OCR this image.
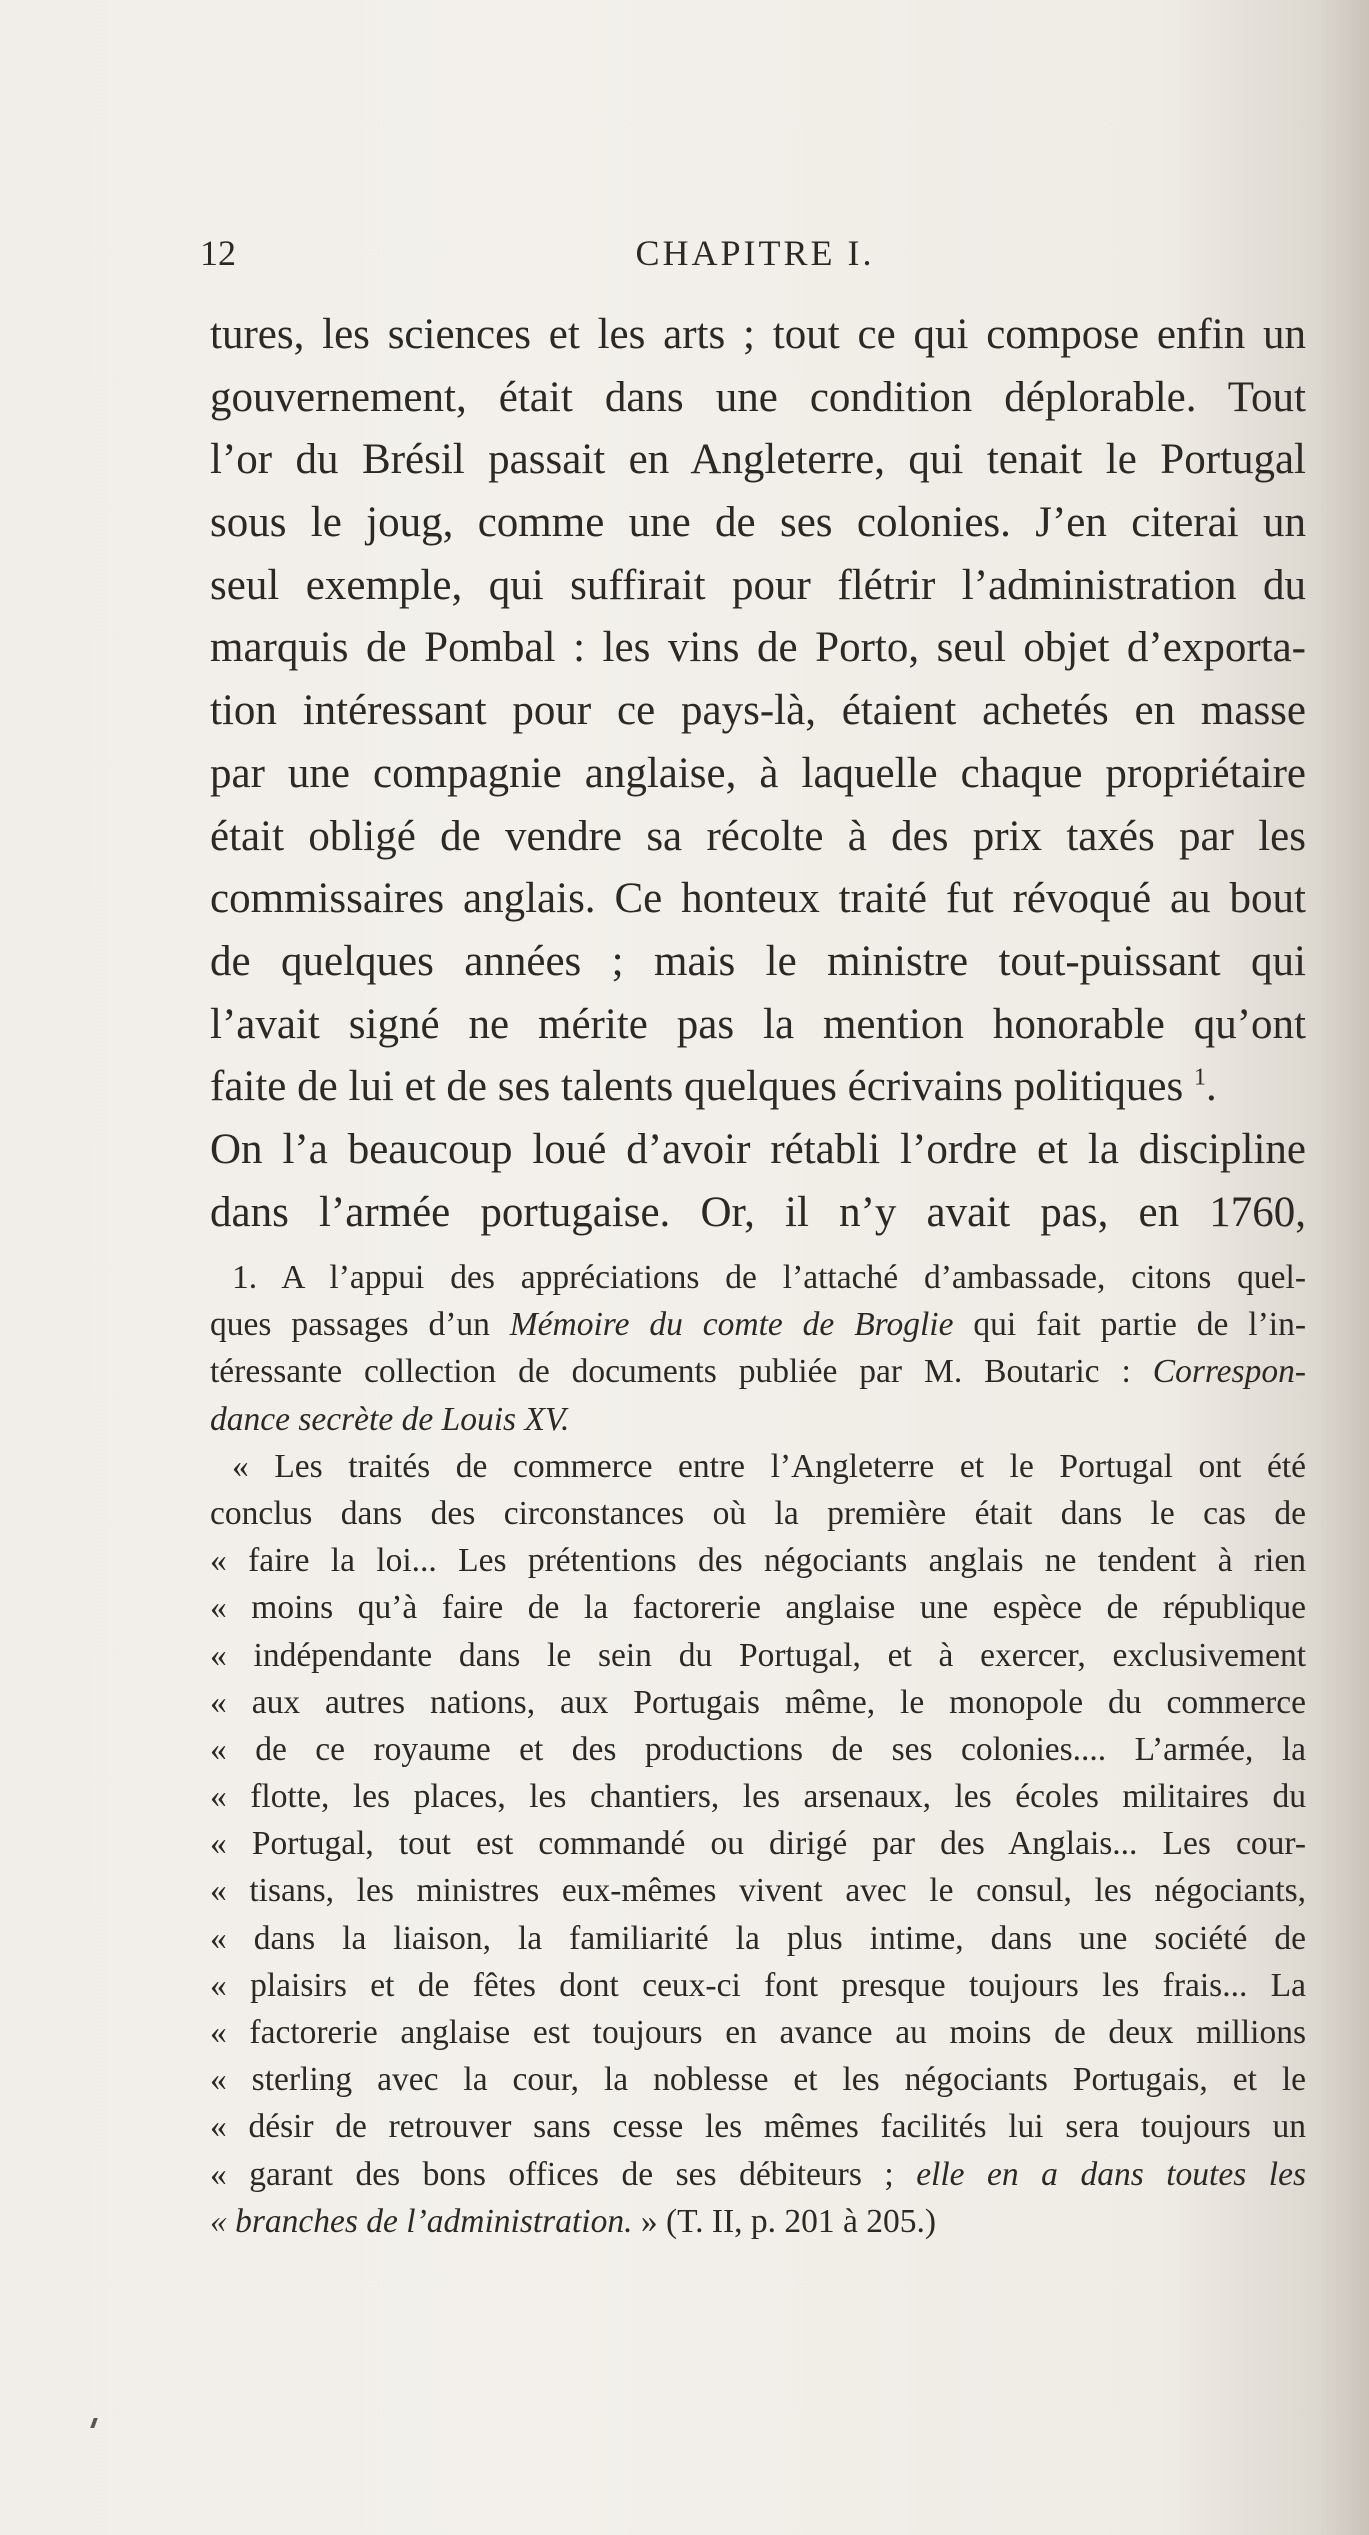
12	CHAPITRE I.
tures, les sciences et les arts ; tout ce qui compose enfin un
gouvernement, était dans une condition déplorable. Tout
l’or du Brésil passait en Angleterre, qui tenait le Portugal
sous le joug, comme une de ses colonies. J’en citerai un
seul exemple, qui suffirait pour flétrir l’administration du
marquis de Pombal : les vins de Porto, seul objet d’exporta-
tion intéressant pour ce pays-là, étaient achetés en masse
par une compagnie anglaise, à laquelle chaque propriétaire
était obligé de vendre sa récolte à des prix taxés par les
commissaires anglais. Ce honteux traité fut révoqué au bout
de quelques années ; mais le ministre tout-puissant qui
l’avait signé ne mérite pas la mention honorable qu’ont
faite de lui et de ses talents quelques écrivains politiques $^1$.
On l’a beaucoup loué d’avoir rétabli l’ordre et la discipline
dans l’armée portugaise. Or, il n’y avait pas, en 1760,
1. A l’appui des appréciations de l’attaché d’ambassade, citons quel-
ques passages d’un Mémoire du comte de Broglie qui fait partie de l’in-
téressante collection de documents publiée par M. Boutaric : Correspon-
dance secrète de Louis XV.
« Les traités de commerce entre l’Angleterre et le Portugal ont été
conclus dans des circonstances où la première était dans le cas de
« faire la loi... Les prétentions des négociants anglais ne tendent à rien
« moins qu’à faire de la factorerie anglaise une espèce de république
« indépendante dans le sein du Portugal, et à exercer, exclusivement
« aux autres nations, aux Portugais même, le monopole du commerce
« de ce royaume et des productions de ses colonies.... L’armée, la
« flotte, les places, les chantiers, les arsenaux, les écoles militaires du
« Portugal, tout est commandé ou dirigé par des Anglais... Les cour-
« tisans, les ministres eux-mêmes vivent avec le consul, les négociants,
« dans la liaison, la familiarité la plus intime, dans une société de
« plaisirs et de fêtes dont ceux-ci font presque toujours les frais... La
« factorerie anglaise est toujours en avance au moins de deux millions
« sterling avec la cour, la noblesse et les négociants Portugais, et le
« désir de retrouver sans cesse les mêmes facilités lui sera toujours un
« garant des bons offices de ses débiteurs ; elle en a dans toutes les
« branches de l’administration. » (T. II, p. 201 à 205.)
